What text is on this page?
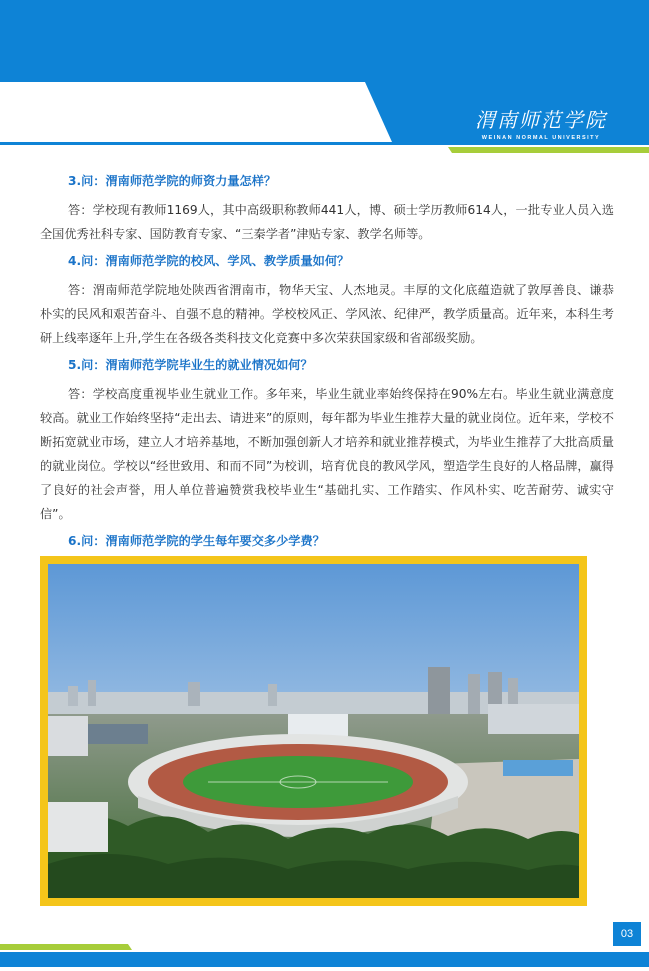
渭南师范学院
WEINAN NORMAL UNIVERSITY

3.问：渭南师范学院的师资力量怎样？

答：学校现有教师1169人，其中高级职称教师441人，博、硕士学历教师614人，一批专业人员入选全国优秀社科专家、国防教育专家、“三秦学者”津贴专家、教学名师等。

4.问：渭南师范学院的校风、学风、教学质量如何？

答：渭南师范学院地处陕西省渭南市，物华天宝、人杰地灵。丰厚的文化底蕴造就了敦厚善良、谦恭朴实的民风和艰苦奋斗、自强不息的精神。学校校风正、学风浓、纪律严，教学质量高。近年来，本科生考研上线率逐年上升,学生在各级各类科技文化竞赛中多次荣获国家级和省部级奖励。

5.问：渭南师范学院毕业生的就业情况如何？

答：学校高度重视毕业生就业工作。多年来，毕业生就业率始终保持在90%左右。毕业生就业满意度较高。就业工作始终坚持“走出去、请进来”的原则，每年都为毕业生推荐大量的就业岗位。近年来，学校不断拓宽就业市场，建立人才培养基地，不断加强创新人才培养和就业推荐模式，为毕业生推荐了大批高质量的就业岗位。学校以“经世致用、和而不同”为校训，培育优良的教风学风，塑造学生良好的人格品牌，赢得了良好的社会声誉，用人单位普遍赞赏我校毕业生“基础扎实、工作踏实、作风朴实、吃苦耐劳、诚实守信”。

6.问：渭南师范学院的学生每年要交多少学费？

03
